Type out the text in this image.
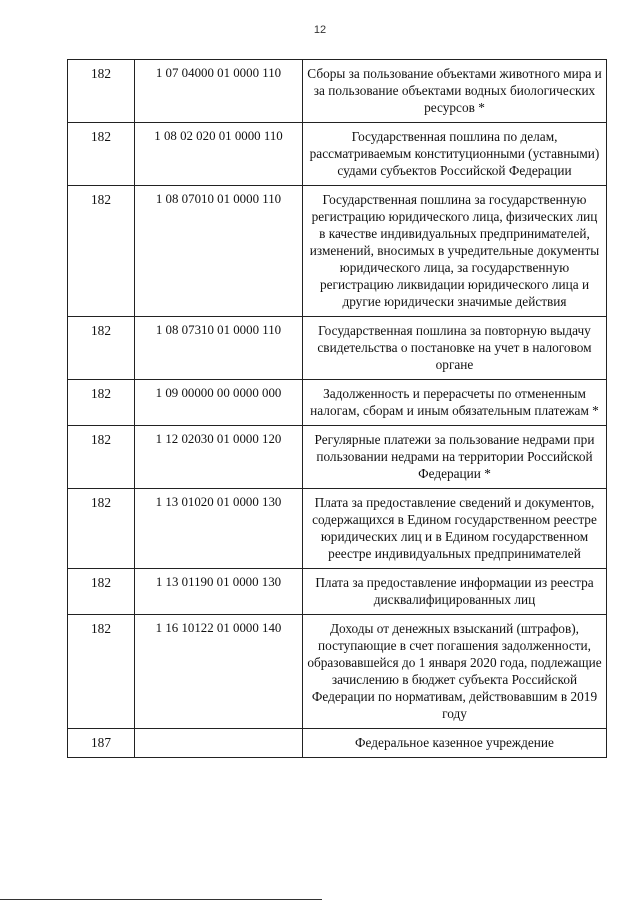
12
182	1 07 04000 01 0000 110	Сборы за пользование объектами животного мира и за пользование объектами водных биологических ресурсов *
182	1 08 02 020 01 0000 110	Государственная пошлина по делам, рассматриваемым конституционными (уставными) судами субъектов Российской Федерации
182	1 08 07010 01 0000 110	Государственная пошлина за государственную регистрацию юридического лица, физических лиц в качестве индивидуальных предпринимателей, изменений, вносимых в учредительные документы юридического лица, за государственную регистрацию ликвидации юридического лица и другие юридически значимые действия
182	1 08 07310 01 0000 110	Государственная пошлина за повторную выдачу свидетельства о постановке на учет в налоговом органе
182	1 09 00000 00 0000 000	Задолженность и перерасчеты по отмененным налогам, сборам и иным обязательным платежам *
182	1 12 02030 01 0000 120	Регулярные платежи за пользование недрами при пользовании недрами на территории Российской Федерации *
182	1 13 01020 01 0000 130	Плата за предоставление сведений и документов, содержащихся в Едином государственном реестре юридических лиц и в Едином государственном реестре индивидуальных предпринимателей
182	1 13 01190 01 0000 130	Плата за предоставление информации из реестра дисквалифицированных лиц
182	1 16 10122 01 0000 140	Доходы от денежных взысканий (штрафов), поступающие в счет погашения задолженности, образовавшейся до 1 января 2020 года, подлежащие зачислению в бюджет субъекта Российской Федерации по нормативам, действовавшим в 2019 году
187		Федеральное казенное учреждение
